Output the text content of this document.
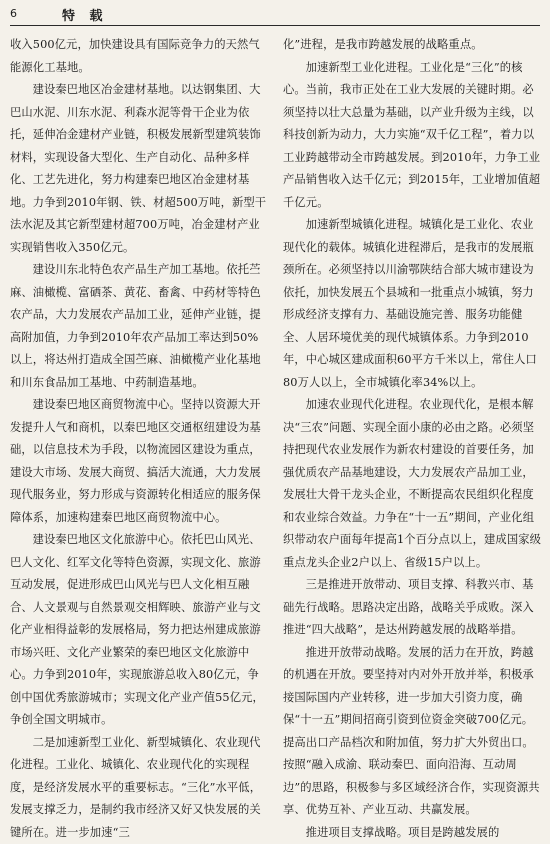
6	特 载

收入500亿元，加快建设具有国际竞争力的天然气能源化工基地。

建设秦巴地区冶金建材基地。以达钢集团、大巴山水泥、川东水泥、利森水泥等骨干企业为依托，延伸冶金建材产业链，积极发展新型建筑装饰材料，实现设备大型化、生产自动化、品种多样化、工艺先进化，努力构建秦巴地区冶金建材基地。力争到2010年钢、铁、材超500万吨，新型干法水泥及其它新型建材超700万吨，冶金建材产业实现销售收入350亿元。

建设川东北特色农产品生产加工基地。依托苎麻、油橄榄、富硒茶、黄花、畜禽、中药材等特色农产品，大力发展农产品加工业，延伸产业链，提高附加值，力争到2010年农产品加工率达到50%以上，将达州打造成全国苎麻、油橄榄产业化基地和川东食品加工基地、中药制造基地。

建设秦巴地区商贸物流中心。坚持以资源大开发提升人气和商机，以秦巴地区交通枢纽建设为基础，以信息技术为手段，以物流园区建设为重点，建设大市场、发展大商贸、搞活大流通，大力发展现代服务业，努力形成与资源转化相适应的服务保障体系，加速构建秦巴地区商贸物流中心。

建设秦巴地区文化旅游中心。依托巴山风光、巴人文化、红军文化等特色资源，实现文化、旅游互动发展，促进形成巴山风光与巴人文化相互融合、人文景观与自然景观交相辉映、旅游产业与文化产业相得益彰的发展格局，努力把达州建成旅游市场兴旺、文化产业繁荣的秦巴地区文化旅游中心。力争到2010年，实现旅游总收入80亿元，争创中国优秀旅游城市；实现文化产业产值55亿元，争创全国文明城市。

二是加速新型工业化、新型城镇化、农业现代化进程。工业化、城镇化、农业现代化的实现程度，是经济发展水平的重要标志。“三化”水平低，发展支撑乏力，是制约我市经济又好又快发展的关键所在。进一步加速“三

化”进程，是我市跨越发展的战略重点。

加速新型工业化进程。工业化是“三化”的核心。当前，我市正处在工业大发展的关键时期。必须坚持以壮大总量为基础，以产业升级为主线，以科技创新为动力，大力实施“双千亿工程”，着力以工业跨越带动全市跨越发展。到2010年，力争工业产品销售收入达千亿元；到2015年，工业增加值超千亿元。

加速新型城镇化进程。城镇化是工业化、农业现代化的载体。城镇化进程滞后，是我市的发展瓶颈所在。必须坚持以川渝鄂陕结合部大城市建设为依托，加快发展五个县城和一批重点小城镇，努力形成经济支撑有力、基础设施完善、服务功能健全、人居环境优美的现代城镇体系。力争到2010年，中心城区建成面积60平方千米以上，常住人口80万人以上，全市城镇化率34%以上。

加速农业现代化进程。农业现代化，是根本解决“三农”问题、实现全面小康的必由之路。必须坚持把现代农业发展作为新农村建设的首要任务，加强优质农产品基地建设，大力发展农产品加工业，发展壮大骨干龙头企业，不断提高农民组织化程度和农业综合效益。力争在“十一五”期间，产业化组织带动农户面每年提高1个百分点以上，建成国家级重点龙头企业2户以上、省级15户以上。

三是推进开放带动、项目支撑、科教兴市、基础先行战略。思路决定出路，战略关乎成败。深入推进“四大战略”，是达州跨越发展的战略举措。

推进开放带动战略。发展的活力在开放，跨越的机遇在开放。要坚持对内对外开放并举，积极承接国际国内产业转移，进一步加大引资力度，确保“十一五”期间招商引资到位资金突破700亿元。提高出口产品档次和附加值，努力扩大外贸出口。按照“融入成渝、联动秦巴、面向沿海、互动周边”的思路，积极参与多区域经济合作，实现资源共享、优势互补、产业互动、共赢发展。

推进项目支撑战略。项目是跨越发展的
